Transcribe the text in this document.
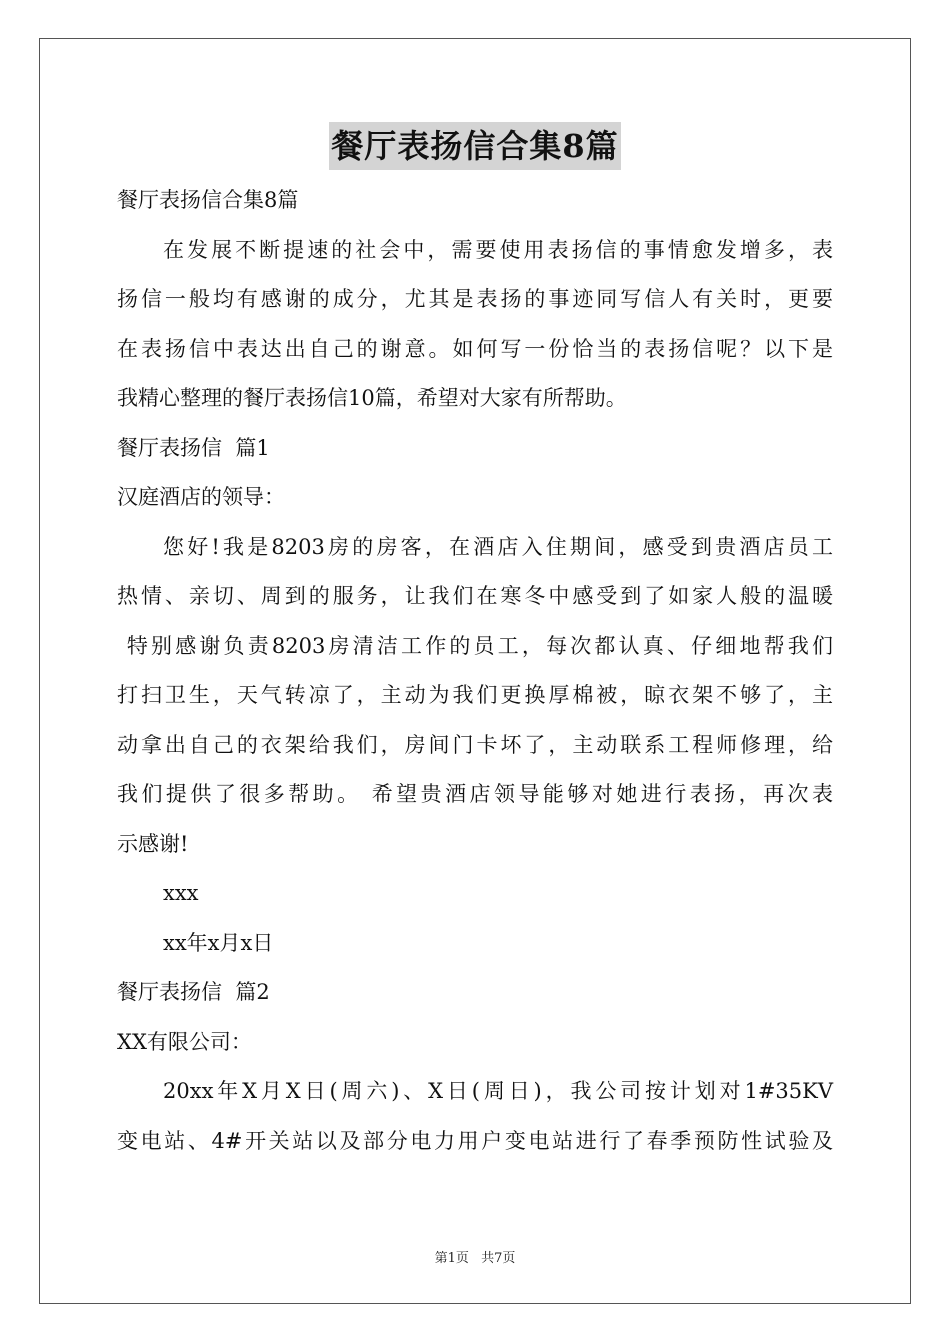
餐厅表扬信合集8篇
餐厅表扬信合集8篇
在发展不断提速的社会中，需要使用表扬信的事情愈发增多，表
扬信一般均有感谢的成分，尤其是表扬的事迹同写信人有关时，更要
在表扬信中表达出自己的谢意。如何写一份恰当的表扬信呢？以下是
我精心整理的餐厅表扬信10篇，希望对大家有所帮助。
餐厅表扬信  篇1
汉庭酒店的领导：
您好!我是8203房的房客，在酒店入住期间，感受到贵酒店员工
热情、亲切、周到的服务，让我们在寒冬中感受到了如家人般的温暖
特别感谢负责8203房清洁工作的员工，每次都认真、仔细地帮我们
打扫卫生，天气转凉了，主动为我们更换厚棉被，晾衣架不够了，主
动拿出自己的衣架给我们，房间门卡坏了，主动联系工程师修理，给
我们提供了很多帮助。 希望贵酒店领导能够对她进行表扬，再次表
示感谢!
xxx
xx年x月x日
餐厅表扬信  篇2
XX有限公司：
20xx年X月X日(周六)、X日(周日)，我公司按计划对1#35KV
变电站、4#开关站以及部分电力用户变电站进行了春季预防性试验及
第1页 共7页
